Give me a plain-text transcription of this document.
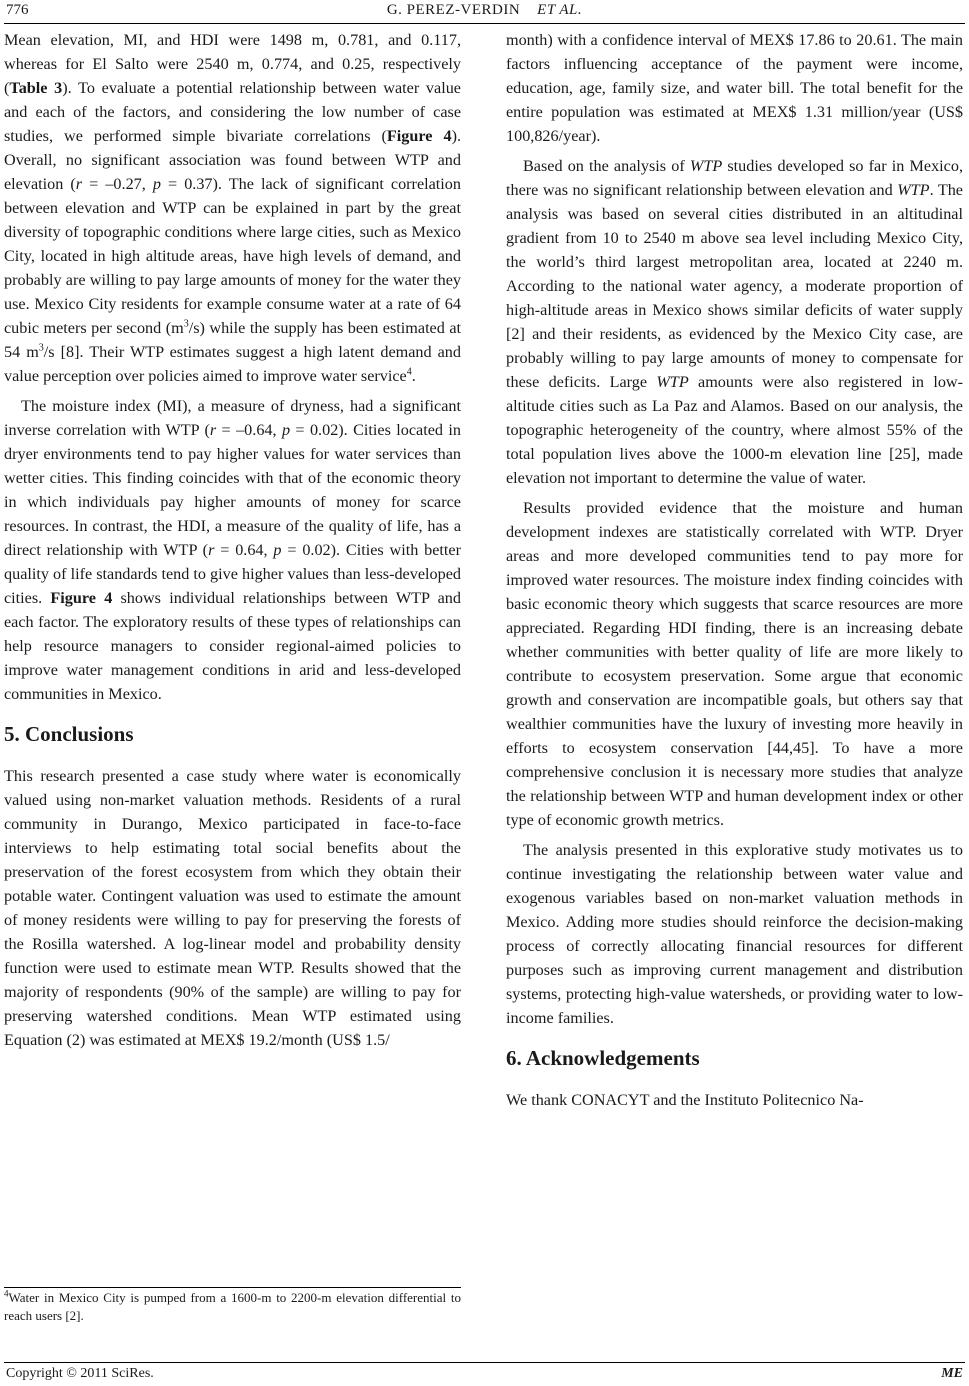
776	G. PEREZ-VERDIN ET AL.

Mean elevation, MI, and HDI were 1498 m, 0.781, and 0.117, whereas for El Salto were 2540 m, 0.774, and 0.25, respectively (Table 3). To evaluate a potential relationship between water value and each of the factors, and considering the low number of case studies, we performed simple bivariate correlations (Figure 4). Overall, no significant association was found between WTP and elevation (r = –0.27, p = 0.37). The lack of significant correlation between elevation and WTP can be explained in part by the great diversity of topographic conditions where large cities, such as Mexico City, located in high altitude areas, have high levels of demand, and probably are willing to pay large amounts of money for the water they use. Mexico City residents for example consume water at a rate of 64 cubic meters per second $(m^3/s)$ while the supply has been estimated at 54 $m^3/s$ [8]. Their WTP estimates suggest a high latent demand and value perception over policies aimed to improve water service$^4$.

The moisture index (MI), a measure of dryness, had a significant inverse correlation with WTP (r = –0.64, p = 0.02). Cities located in dryer environments tend to pay higher values for water services than wetter cities. This finding coincides with that of the economic theory in which individuals pay higher amounts of money for scarce resources. In contrast, the HDI, a measure of the quality of life, has a direct relationship with WTP (r = 0.64, p = 0.02). Cities with better quality of life standards tend to give higher values than less-developed cities. Figure 4 shows individual relationships between WTP and each factor. The exploratory results of these types of relationships can help resource managers to consider regional-aimed policies to improve water management conditions in arid and less-developed communities in Mexico.

5. Conclusions

This research presented a case study where water is economically valued using non-market valuation methods. Residents of a rural community in Durango, Mexico participated in face-to-face interviews to help estimating total social benefits about the preservation of the forest ecosystem from which they obtain their potable water. Contingent valuation was used to estimate the amount of money residents were willing to pay for preserving the forests of the Rosilla watershed. A log-linear model and probability density function were used to estimate mean WTP. Results showed that the majority of respondents (90% of the sample) are willing to pay for preserving watershed conditions. Mean WTP estimated using Equation (2) was estimated at MEX$ 19.2/month (US$ 1.5/

month) with a confidence interval of MEX$ 17.86 to 20.61. The main factors influencing acceptance of the payment were income, education, age, family size, and water bill. The total benefit for the entire population was estimated at MEX$ 1.31 million/year (US$ 100,826/year).

Based on the analysis of WTP studies developed so far in Mexico, there was no significant relationship between elevation and WTP. The analysis was based on several cities distributed in an altitudinal gradient from 10 to 2540 m above sea level including Mexico City, the world’s third largest metropolitan area, located at 2240 m. According to the national water agency, a moderate proportion of high-altitude areas in Mexico shows similar deficits of water supply [2] and their residents, as evidenced by the Mexico City case, are probably willing to pay large amounts of money to compensate for these deficits. Large WTP amounts were also registered in low-altitude cities such as La Paz and Alamos. Based on our analysis, the topographic heterogeneity of the country, where almost 55% of the total population lives above the 1000-m elevation line [25], made elevation not important to determine the value of water.

Results provided evidence that the moisture and human development indexes are statistically correlated with WTP. Dryer areas and more developed communities tend to pay more for improved water resources. The moisture index finding coincides with basic economic theory which suggests that scarce resources are more appreciated. Regarding HDI finding, there is an increasing debate whether communities with better quality of life are more likely to contribute to ecosystem preservation. Some argue that economic growth and conservation are incompatible goals, but others say that wealthier communities have the luxury of investing more heavily in efforts to ecosystem conservation [44,45]. To have a more comprehensive conclusion it is necessary more studies that analyze the relationship between WTP and human development index or other type of economic growth metrics.

The analysis presented in this explorative study motivates us to continue investigating the relationship between water value and exogenous variables based on non-market valuation methods in Mexico. Adding more studies should reinforce the decision-making process of correctly allocating financial resources for different purposes such as improving current management and distribution systems, protecting high-value watersheds, or providing water to low-income families.

6. Acknowledgements

We thank CONACYT and the Instituto Politecnico Na-

$^4$Water in Mexico City is pumped from a 1600-m to 2200-m elevation differential to reach users [2].
Copyright © 2011 SciRes.	ME
